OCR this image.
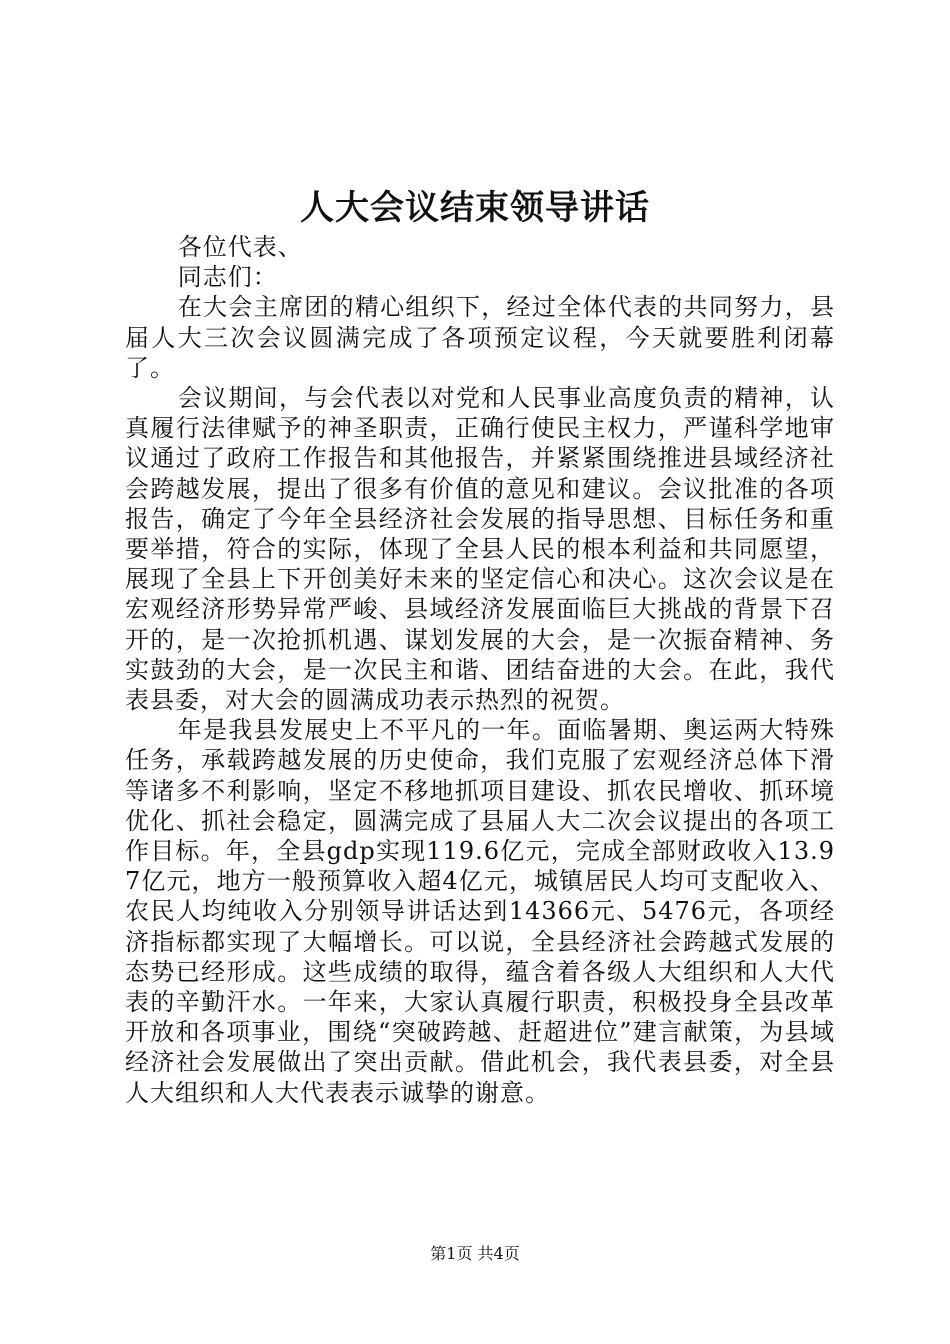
人大会议结束领导讲话

各位代表、

同志们：

在大会主席团的精心组织下，经过全体代表的共同努力，县届人大三次会议圆满完成了各项预定议程，今天就要胜利闭幕了。

会议期间，与会代表以对党和人民事业高度负责的精神，认真履行法律赋予的神圣职责，正确行使民主权力，严谨科学地审议通过了政府工作报告和其他报告，并紧紧围绕推进县域经济社会跨越发展，提出了很多有价值的意见和建议。会议批准的各项报告，确定了今年全县经济社会发展的指导思想、目标任务和重要举措，符合的实际，体现了全县人民的根本利益和共同愿望，展现了全县上下开创美好未来的坚定信心和决心。这次会议是在宏观经济形势异常严峻、县域经济发展面临巨大挑战的背景下召开的，是一次抢抓机遇、谋划发展的大会，是一次振奋精神、务实鼓劲的大会，是一次民主和谐、团结奋进的大会。在此，我代表县委，对大会的圆满成功表示热烈的祝贺。

年是我县发展史上不平凡的一年。面临暑期、奥运两大特殊任务，承载跨越发展的历史使命，我们克服了宏观经济总体下滑等诸多不利影响，坚定不移地抓项目建设、抓农民增收、抓环境优化、抓社会稳定，圆满完成了县届人大二次会议提出的各项工作目标。年，全县gdp实现119.6亿元，完成全部财政收入13.97亿元，地方一般预算收入超4亿元，城镇居民人均可支配收入、农民人均纯收入分别领导讲话达到14366元、5476元，各项经济指标都实现了大幅增长。可以说，全县经济社会跨越式发展的态势已经形成。这些成绩的取得，蕴含着各级人大组织和人大代表的辛勤汗水。一年来，大家认真履行职责，积极投身全县改革开放和各项事业，围绕“突破跨越、赶超进位”建言献策，为县域经济社会发展做出了突出贡献。借此机会，我代表县委，对全县人大组织和人大代表表示诚挚的谢意。

第1页 共4页
